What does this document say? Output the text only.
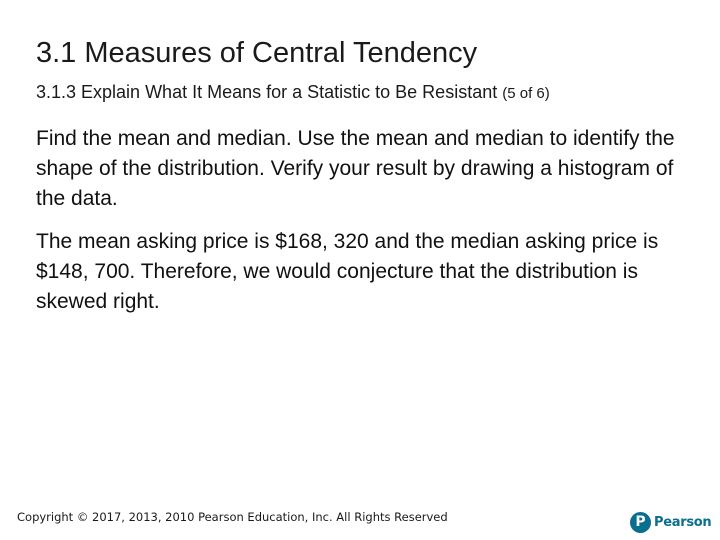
3.1 Measures of Central Tendency
3.1.3 Explain What It Means for a Statistic to Be Resistant (5 of 6)
Find the mean and median. Use the mean and median to identify the shape of the distribution. Verify your result by drawing a histogram of the data.
The mean asking price is $168, 320 and the median asking price is $148, 700. Therefore, we would conjecture that the distribution is skewed right.
Copyright © 2017, 2013, 2010 Pearson Education, Inc. All Rights Reserved	P Pearson
